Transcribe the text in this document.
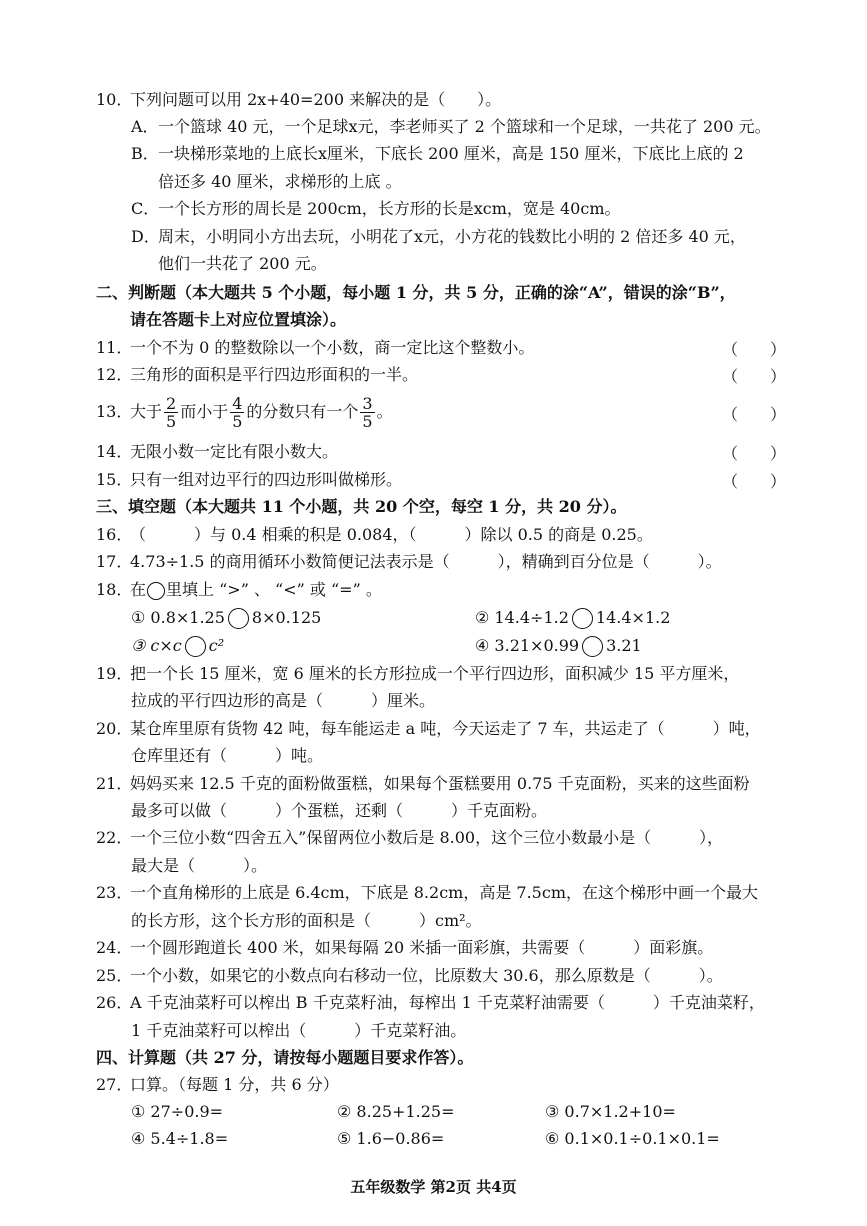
10．下列问题可以用 2x+40=200 来解决的是（　　）。
A．一个篮球 40 元，一个足球x元，李老师买了 2 个篮球和一个足球，一共花了 200 元。
B．一块梯形菜地的上底长x厘米，下底长 200 厘米，高是 150 厘米，下底比上底的 2
倍还多 40 厘米，求梯形的上底 。
C．一个长方形的周长是 200cm，长方形的长是xcm，宽是 40cm。
D．周末，小明同小方出去玩，小明花了x元，小方花的钱数比小明的 2 倍还多 40 元，
他们一共花了 200 元。
二、判断题（本大题共 5 个小题，每小题 1 分，共 5 分，正确的涂“A”，错误的涂“B”，
请在答题卡上对应位置填涂）。
11．一个不为 0 的整数除以一个小数，商一定比这个整数小。	（　　）
12．三角形的面积是平行四边形面积的一半。	（　　）
13．大于 $\frac{2}{5}$ 而小于 $\frac{4}{5}$ 的分数只有一个 $\frac{3}{5}$ 。	（　　）
14．无限小数一定比有限小数大。	（　　）
15．只有一组对边平行的四边形叫做梯形。	（　　）
三、填空题（本大题共 11 个小题，共 20 个空，每空 1 分，共 20 分）。
16．（　　　）与 0.4 相乘的积是 0.084，（　　　）除以 0.5 的商是 0.25。
17．4.73÷1.5 的商用循环小数简便记法表示是（　　　），精确到百分位是（　　　）。
18．在 里填上 “>” 、 “<” 或 “=” 。
① 0.8×1.25 8×0.125	② 14.4÷1.2 14.4×1.2
③ c×c c²	④ 3.21×0.99 3.21
19．把一个长 15 厘米，宽 6 厘米的长方形拉成一个平行四边形，面积减少 15 平方厘米，
拉成的平行四边形的高是（　　　）厘米。
20．某仓库里原有货物 42 吨，每车能运走 a 吨，今天运走了 7 车，共运走了（　　　）吨，
仓库里还有（　　　）吨。
21．妈妈买来 12.5 千克的面粉做蛋糕，如果每个蛋糕要用 0.75 千克面粉，买来的这些面粉
最多可以做（　　　）个蛋糕，还剩（　　　）千克面粉。
22．一个三位小数“四舍五入”保留两位小数后是 8.00，这个三位小数最小是（　　　），
最大是（　　　）。
23．一个直角梯形的上底是 6.4cm，下底是 8.2cm，高是 7.5cm，在这个梯形中画一个最大
的长方形，这个长方形的面积是（　　　）cm²。
24．一个圆形跑道长 400 米，如果每隔 20 米插一面彩旗，共需要（　　　）面彩旗。
25．一个小数，如果它的小数点向右移动一位，比原数大 30.6，那么原数是（　　　）。
26．A 千克油菜籽可以榨出 B 千克菜籽油，每榨出 1 千克菜籽油需要（　　　）千克油菜籽，
1 千克油菜籽可以榨出（　　　）千克菜籽油。
四、计算题（共 27 分，请按每小题题目要求作答）。
27．口算。（每题 1 分，共 6 分）
① 27÷0.9=	② 8.25+1.25=	③ 0.7×1.2+10=
④ 5.4÷1.8=	⑤ 1.6−0.86=	⑥ 0.1×0.1÷0.1×0.1=
五年级数学 第2页 共4页
